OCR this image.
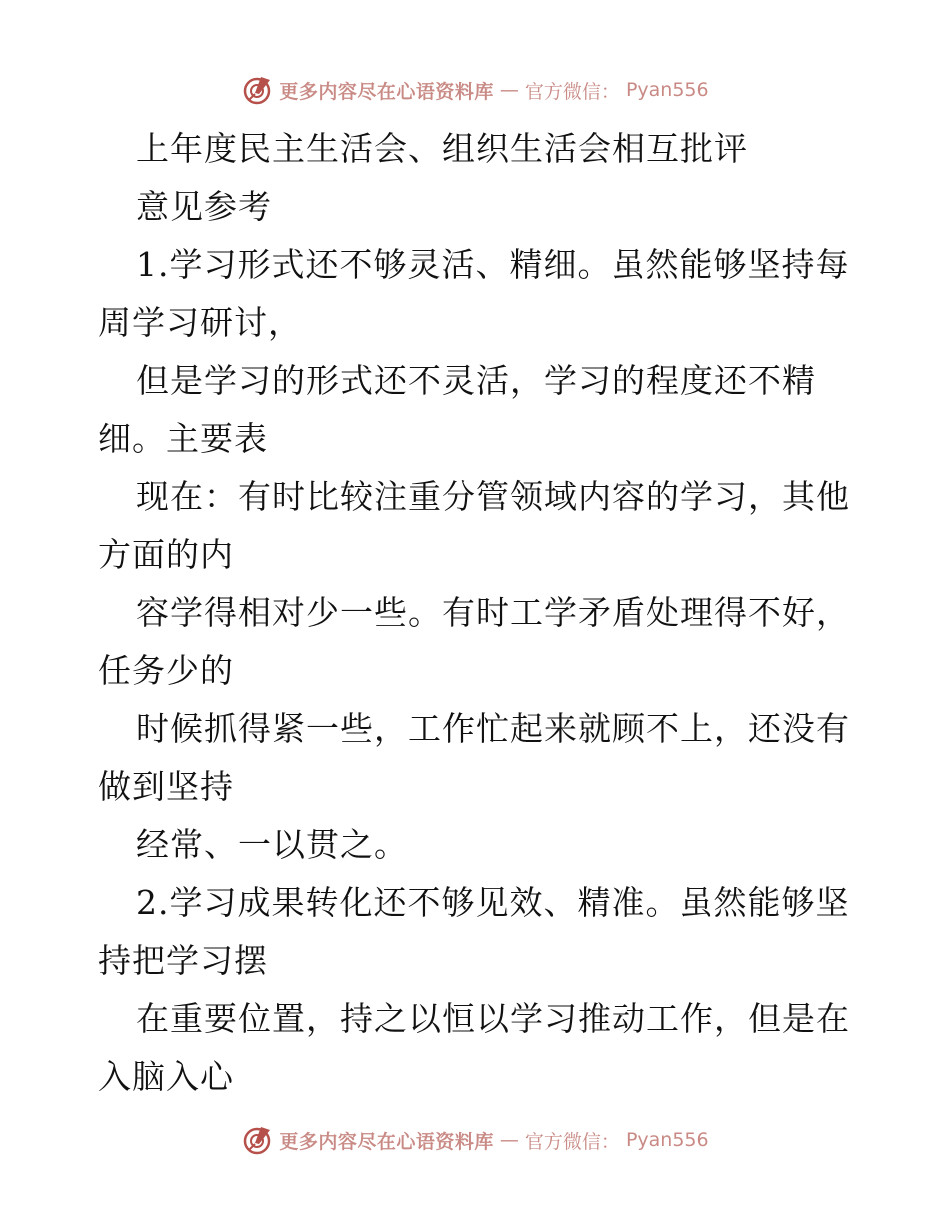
更多内容尽在心语资料库 — 官方微信： Pyan556
上年度民主生活会、组织生活会相互批评
意见参考
1.学习形式还不够灵活、精细。虽然能够坚持每
周学习研讨，
但是学习的形式还不灵活，学习的程度还不精
细。主要表
现在：有时比较注重分管领域内容的学习，其他
方面的内
容学得相对少一些。有时工学矛盾处理得不好，
任务少的
时候抓得紧一些，工作忙起来就顾不上，还没有
做到坚持
经常、一以贯之。
2.学习成果转化还不够见效、精准。虽然能够坚
持把学习摆
在重要位置，持之以恒以学习推动工作，但是在
入脑入心
更多内容尽在心语资料库 — 官方微信： Pyan556
